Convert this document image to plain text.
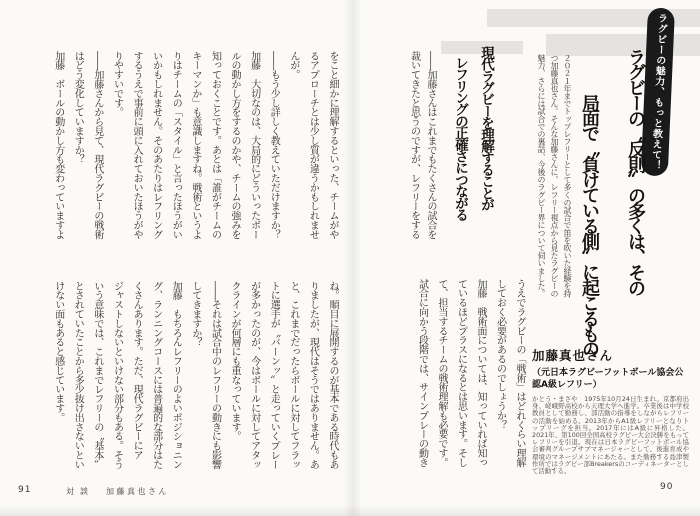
ラグビーの魅力、もっと教えて！
ラグビーの〝反則〟の多くは、その
局面で〝負けている側〟に起こるもの
２０２１年までトップレフリーとして多くの試合で笛を吹いた経験を持
つ加藤真也さん。そんな加藤さんに、レフリー視点から見たラグビーの
魅力、さらには試合での裏話、今後のラグビー界について伺いました。
現代ラグビーを理解することが
レフリングの正確さにつながる
――加藤さんはこれまでもたくさんの試合を
裁いてきたと思うのですが、レフリーをする
うえでラグビーの「戦術」はどれくらい理解
しておく必要があるのでしょうか？
加藤　戦術面については、知っていれば知っ
ているほどプラスになるとは思います。そし
て、担当するチームの戦術理解も必要です。
試合に向かう段階では、サインプレーの動き	加藤真也さん
（元日本ラグビーフットボール協会公認A級レフリー）
かとう・まさや　1975年10月24日生まれ。京都府出身。嵯峨野高校から天理大学へ進学。卒業後は中学校教員として勤務し、部活動の指導をしながらレフリーの活動を始める。2013年からA1級レフリーとなりトップリーグを担当。2017年にはA級に昇格した。2021年、第100回全国高校ラグビー大会決勝をもってレフリーを引退。現在は日本ラグビーフットボール協会審判グループサブマネージャーとして、後進育成や環境のマネージメントにあたる。また勤務する島津製作所ではラグビー部Breakersのコーディネーターとして活動する。
をこと細かに理解するといった、チームがや
るアプローチとは少し質が違うかもしれませ
んが。
――もう少し詳しく教えていただけますか？
加藤　大切なのは、大局的にどういったボー
ルの動かし方をするのかや、チームの強みを
知っておくことです。あとは「誰がチームの
キーマンか」も意識しますね。戦術というよ
りはチームの「スタイル」と言ったほうがい
いかもしれません。そのあたりはレフリング
するうえで事前に頭に入れておいたほうがや
りやすいです。
――加藤さんから見て、現代ラグビーの戦術
はどう変化していますか？
加藤　ボールの動かし方も変わっていますよ
ね。順目に展開するのが基本である時代もあ
りましたが、現代はそうではありません。あ
と、これまでだったらボールに対してフラッ
トに選手が〝バーンッ〟と走っていくプレー
が多かったのが、今はボールに対してアタッ
クラインが何層にも重なっています。
――それは試合中のレフリーの動きにも影響
してきますか？
加藤　もちろんレフリーのよいポジショニン
グ、ランニングコースには普遍的な部分はた
くさんあります。ただ、現代ラグビーにア
ジャストしないといけない部分もある。そう
いう意味では、これまでレフリーの〝基本〟
とされていたことから多少抜け出さないとい
けない面もあると感じています。
91	対談 加藤真也さん	90
